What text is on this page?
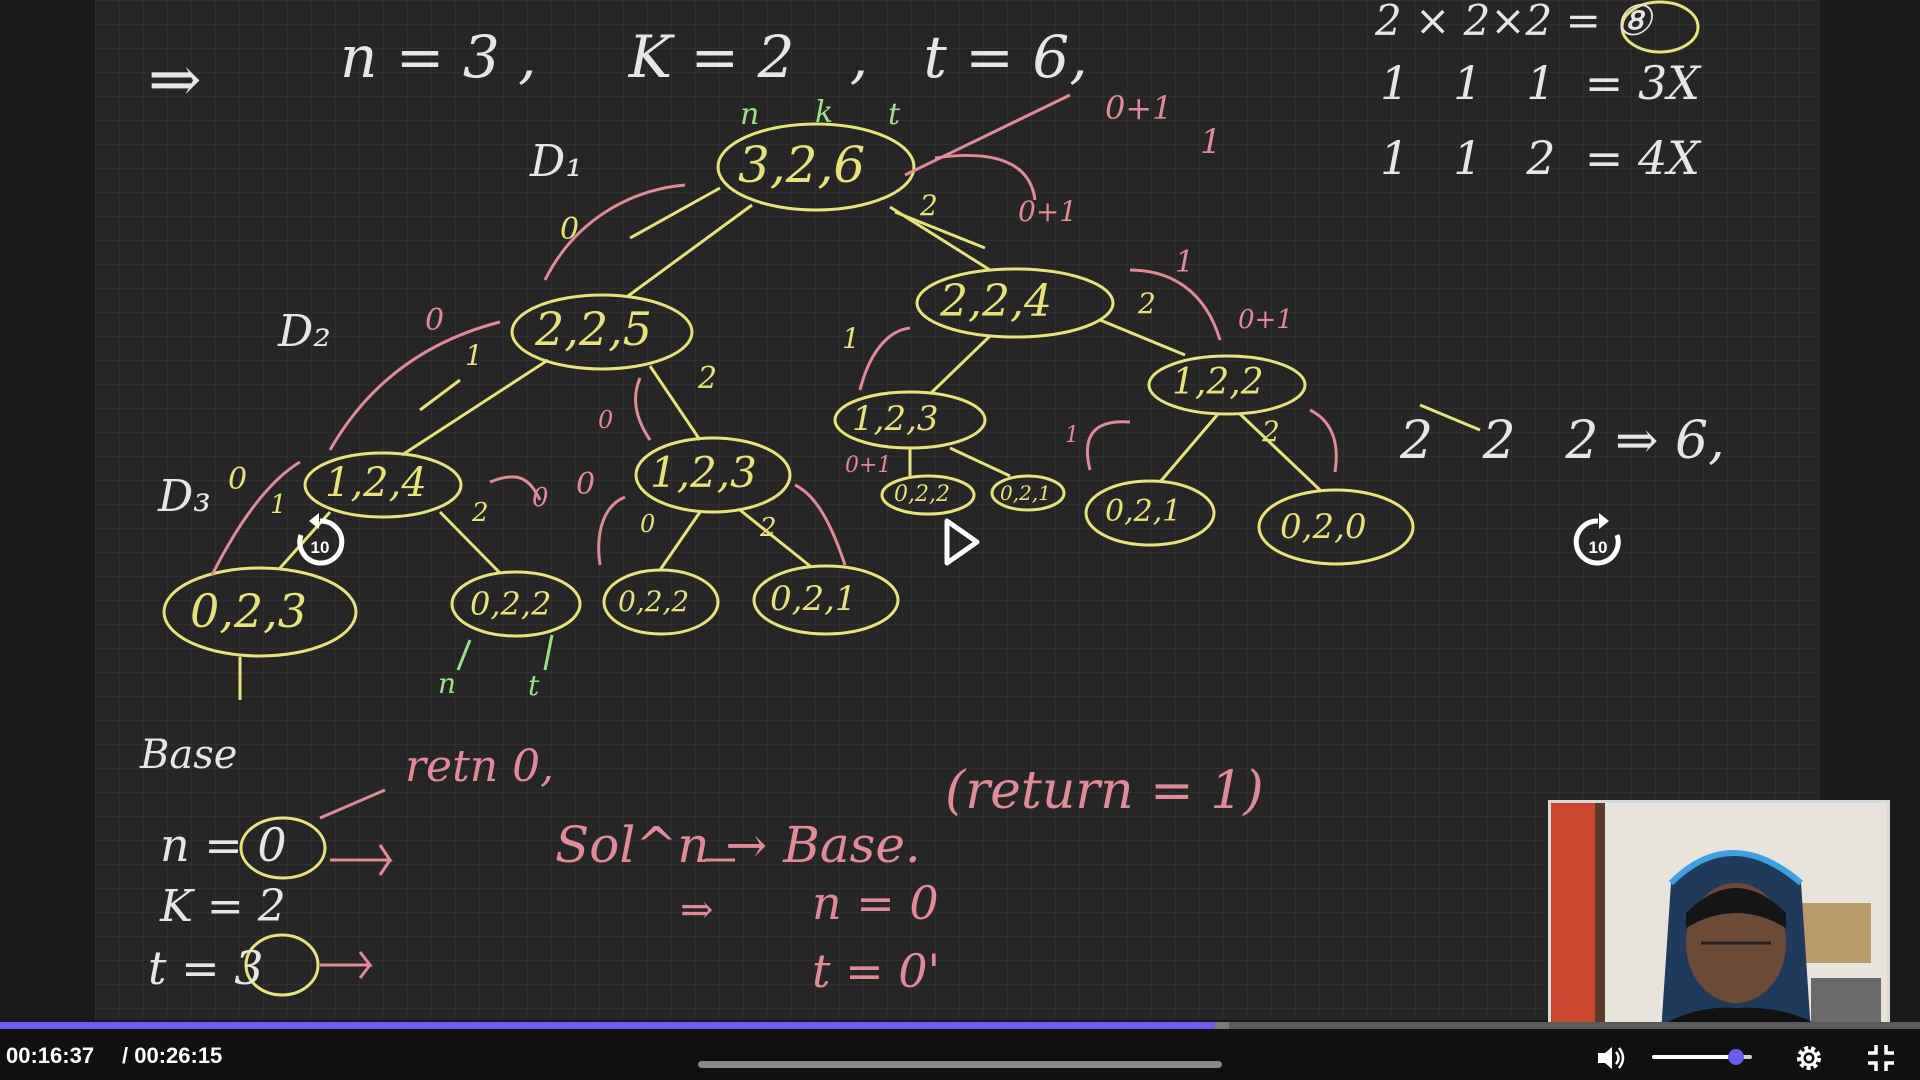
⇒ n = 3 ,     K = 2   ,   t = 6,
2 × 2×2 = ⑧
1   1   1  = 3X
1   1   2  = 4X
2   2   2 ⇒ 6,
D₁
D₂
D₃
n k t
3,2,6
2,2,5
2,2,4
1,2,4	1,2,3
1,2,3
1,2,2
0,2,3	0,2,2 0,2,2 0,2,1
0,2,2	0,2,1
0,2,1	0,2,0
0
2
1
0
2
0
0
1	2 0 0
0	2
1
2
2
1
0+1
0+1
0+1
1
0+1
1
Base	retn 0,
n = 0
K = 2
t = 3
n	t
Sol^n → Base.
(return = 1)
n = 0
t = 0'
⇒
10	10
00:16:37 / 00:26:15
